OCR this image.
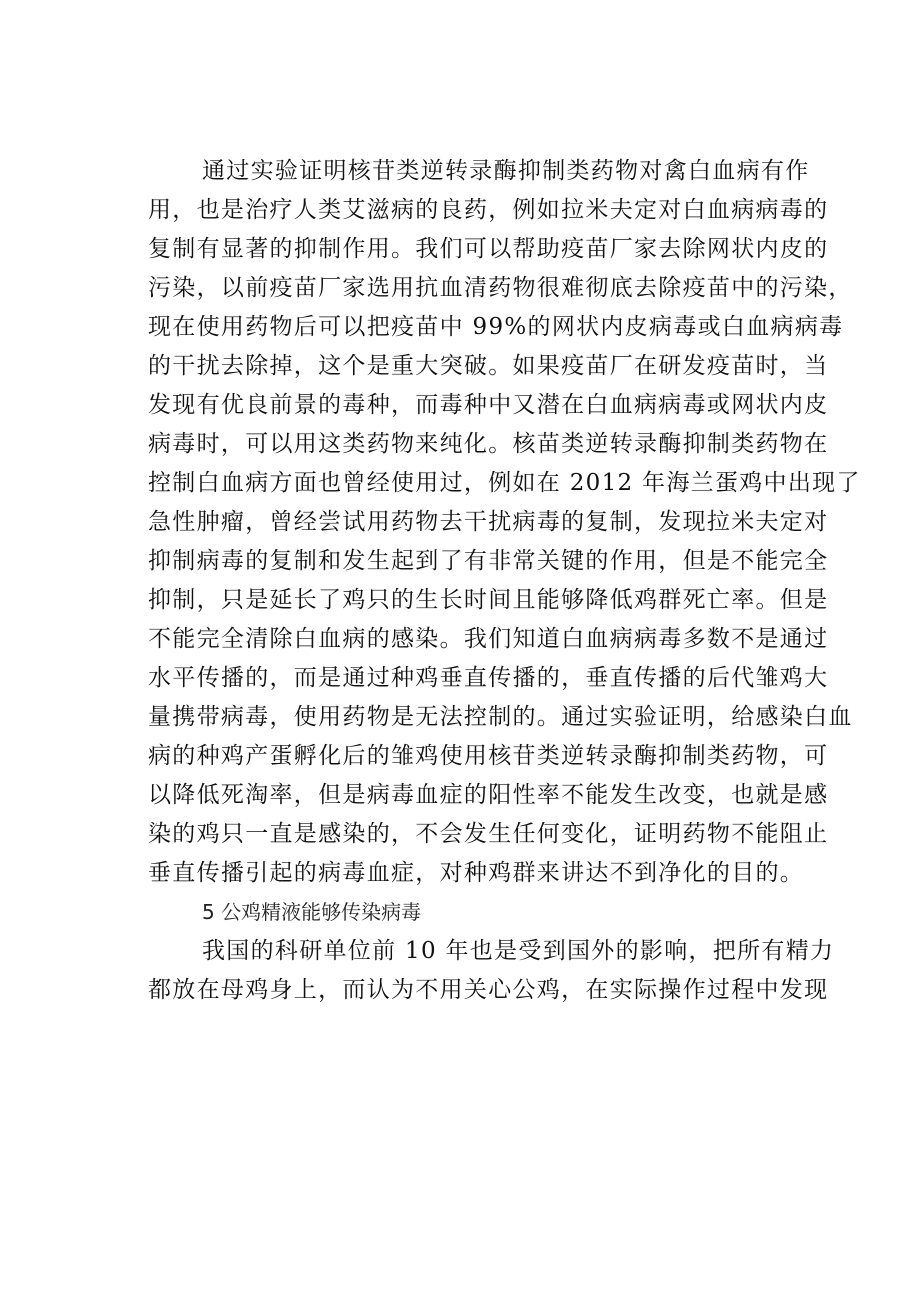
通过实验证明核苷类逆转录酶抑制类药物对禽白血病有作
用，也是治疗人类艾滋病的良药，例如拉米夫定对白血病病毒的
复制有显著的抑制作用。我们可以帮助疫苗厂家去除网状内皮的
污染，以前疫苗厂家选用抗血清药物很难彻底去除疫苗中的污染，
现在使用药物后可以把疫苗中 99%的网状内皮病毒或白血病病毒
的干扰去除掉，这个是重大突破。如果疫苗厂在研发疫苗时，当
发现有优良前景的毒种，而毒种中又潜在白血病病毒或网状内皮
病毒时，可以用这类药物来纯化。核苗类逆转录酶抑制类药物在
控制白血病方面也曾经使用过，例如在 2012 年海兰蛋鸡中出现了
急性肿瘤，曾经尝试用药物去干扰病毒的复制，发现拉米夫定对
抑制病毒的复制和发生起到了有非常关键的作用，但是不能完全
抑制，只是延长了鸡只的生长时间且能够降低鸡群死亡率。但是
不能完全清除白血病的感染。我们知道白血病病毒多数不是通过
水平传播的，而是通过种鸡垂直传播的，垂直传播的后代雏鸡大
量携带病毒，使用药物是无法控制的。通过实验证明，给感染白血
病的种鸡产蛋孵化后的雏鸡使用核苷类逆转录酶抑制类药物，可
以降低死淘率，但是病毒血症的阳性率不能发生改变，也就是感
染的鸡只一直是感染的，不会发生任何变化，证明药物不能阻止
垂直传播引起的病毒血症，对种鸡群来讲达不到净化的目的。
5 公鸡精液能够传染病毒
我国的科研单位前 10 年也是受到国外的影响，把所有精力
都放在母鸡身上，而认为不用关心公鸡，在实际操作过程中发现
